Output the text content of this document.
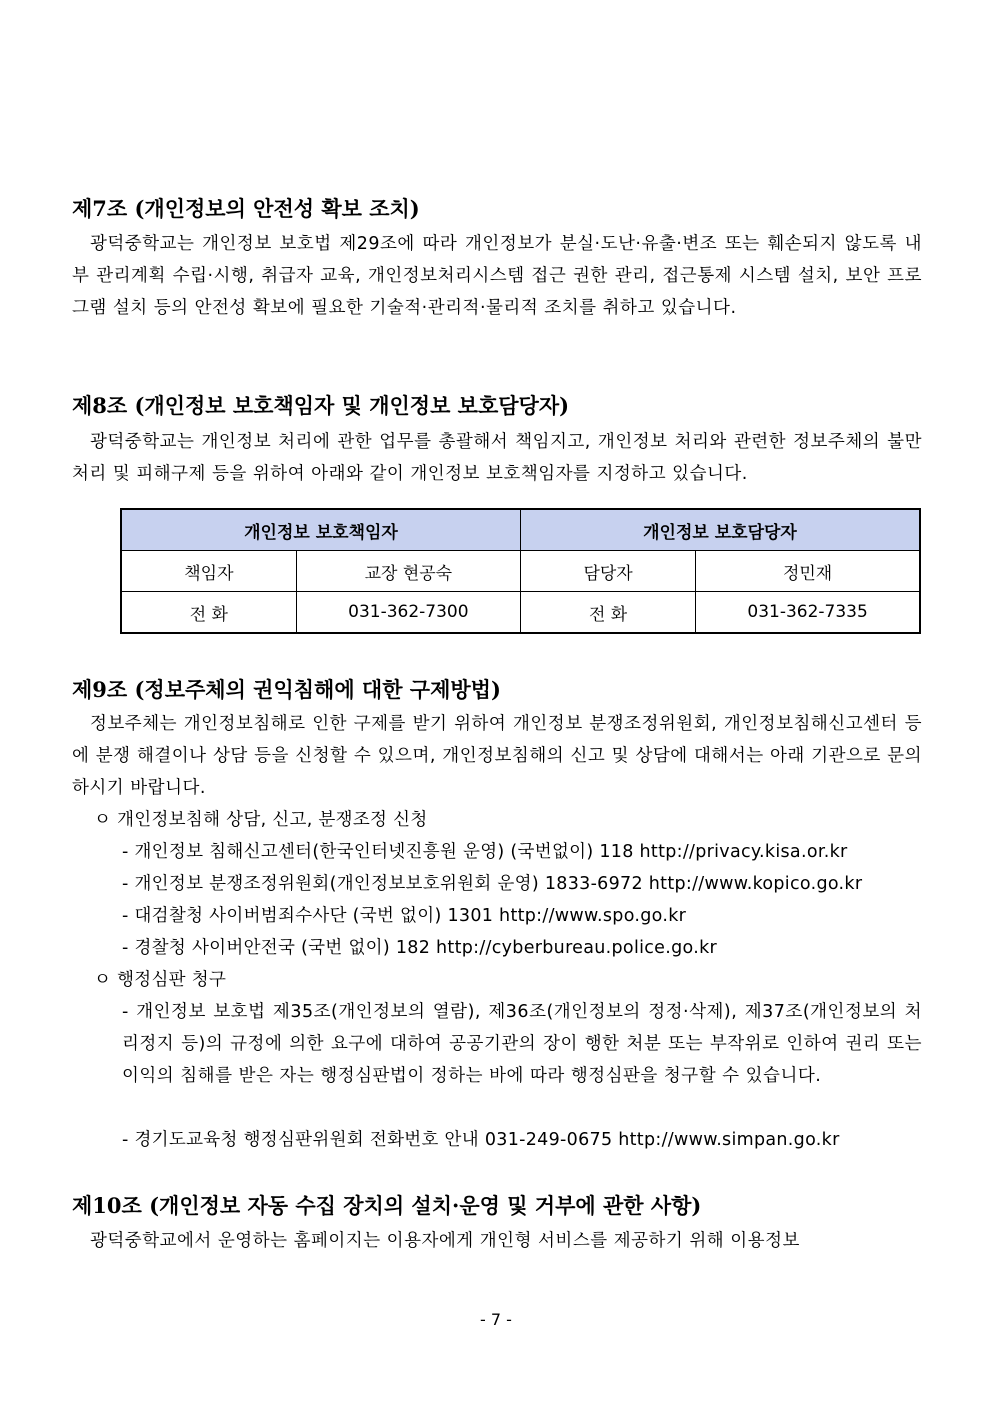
제7조 (개인정보의 안전성 확보 조치)
광덕중학교는 개인정보 보호법 제29조에 따라 개인정보가 분실·도난·유출·변조 또는 훼손되지 않도록 내부 관리계획 수립·시행, 취급자 교육, 개인정보처리시스템 접근 권한 관리, 접근통제 시스템 설치, 보안 프로그램 설치 등의 안전성 확보에 필요한 기술적·관리적·물리적 조치를 취하고 있습니다.
제8조 (개인정보 보호책임자 및 개인정보 보호담당자)
광덕중학교는 개인정보 처리에 관한 업무를 총괄해서 책임지고, 개인정보 처리와 관련한 정보주체의 불만처리 및 피해구제 등을 위하여 아래와 같이 개인정보 보호책임자를 지정하고 있습니다.
개인정보 보호책임자		개인정보 보호담당자	
책임자	교장 현공숙	담당자	정민재
전 화	031-362-7300	전 화	031-362-7335
제9조 (정보주체의 권익침해에 대한 구제방법)
정보주체는 개인정보침해로 인한 구제를 받기 위하여 개인정보 분쟁조정위원회, 개인정보침해신고센터 등에 분쟁 해결이나 상담 등을 신청할 수 있으며, 개인정보침해의 신고 및 상담에 대해서는 아래 기관으로 문의하시기 바랍니다.
ㅇ 개인정보침해 상담, 신고, 분쟁조정 신청
- 개인정보 침해신고센터(한국인터넷진흥원 운영) (국번없이) 118 http://privacy.kisa.or.kr
- 개인정보 분쟁조정위원회(개인정보보호위원회 운영) 1833-6972 http://www.kopico.go.kr
- 대검찰청 사이버범죄수사단 (국번 없이) 1301 http://www.spo.go.kr
- 경찰청 사이버안전국 (국번 없이) 182 http://cyberbureau.police.go.kr
ㅇ 행정심판 청구
- 개인정보 보호법 제35조(개인정보의 열람), 제36조(개인정보의 정정·삭제), 제37조(개인정보의 처리정지 등)의 규정에 의한 요구에 대하여 공공기관의 장이 행한 처분 또는 부작위로 인하여 권리 또는 이익의 침해를 받은 자는 행정심판법이 정하는 바에 따라 행정심판을 청구할 수 있습니다.
- 경기도교육청 행정심판위원회 전화번호 안내 031-249-0675 http://www.simpan.go.kr
제10조 (개인정보 자동 수집 장치의 설치·운영 및 거부에 관한 사항)
광덕중학교에서 운영하는 홈페이지는 이용자에게 개인형 서비스를 제공하기 위해 이용정보
- 7 -
